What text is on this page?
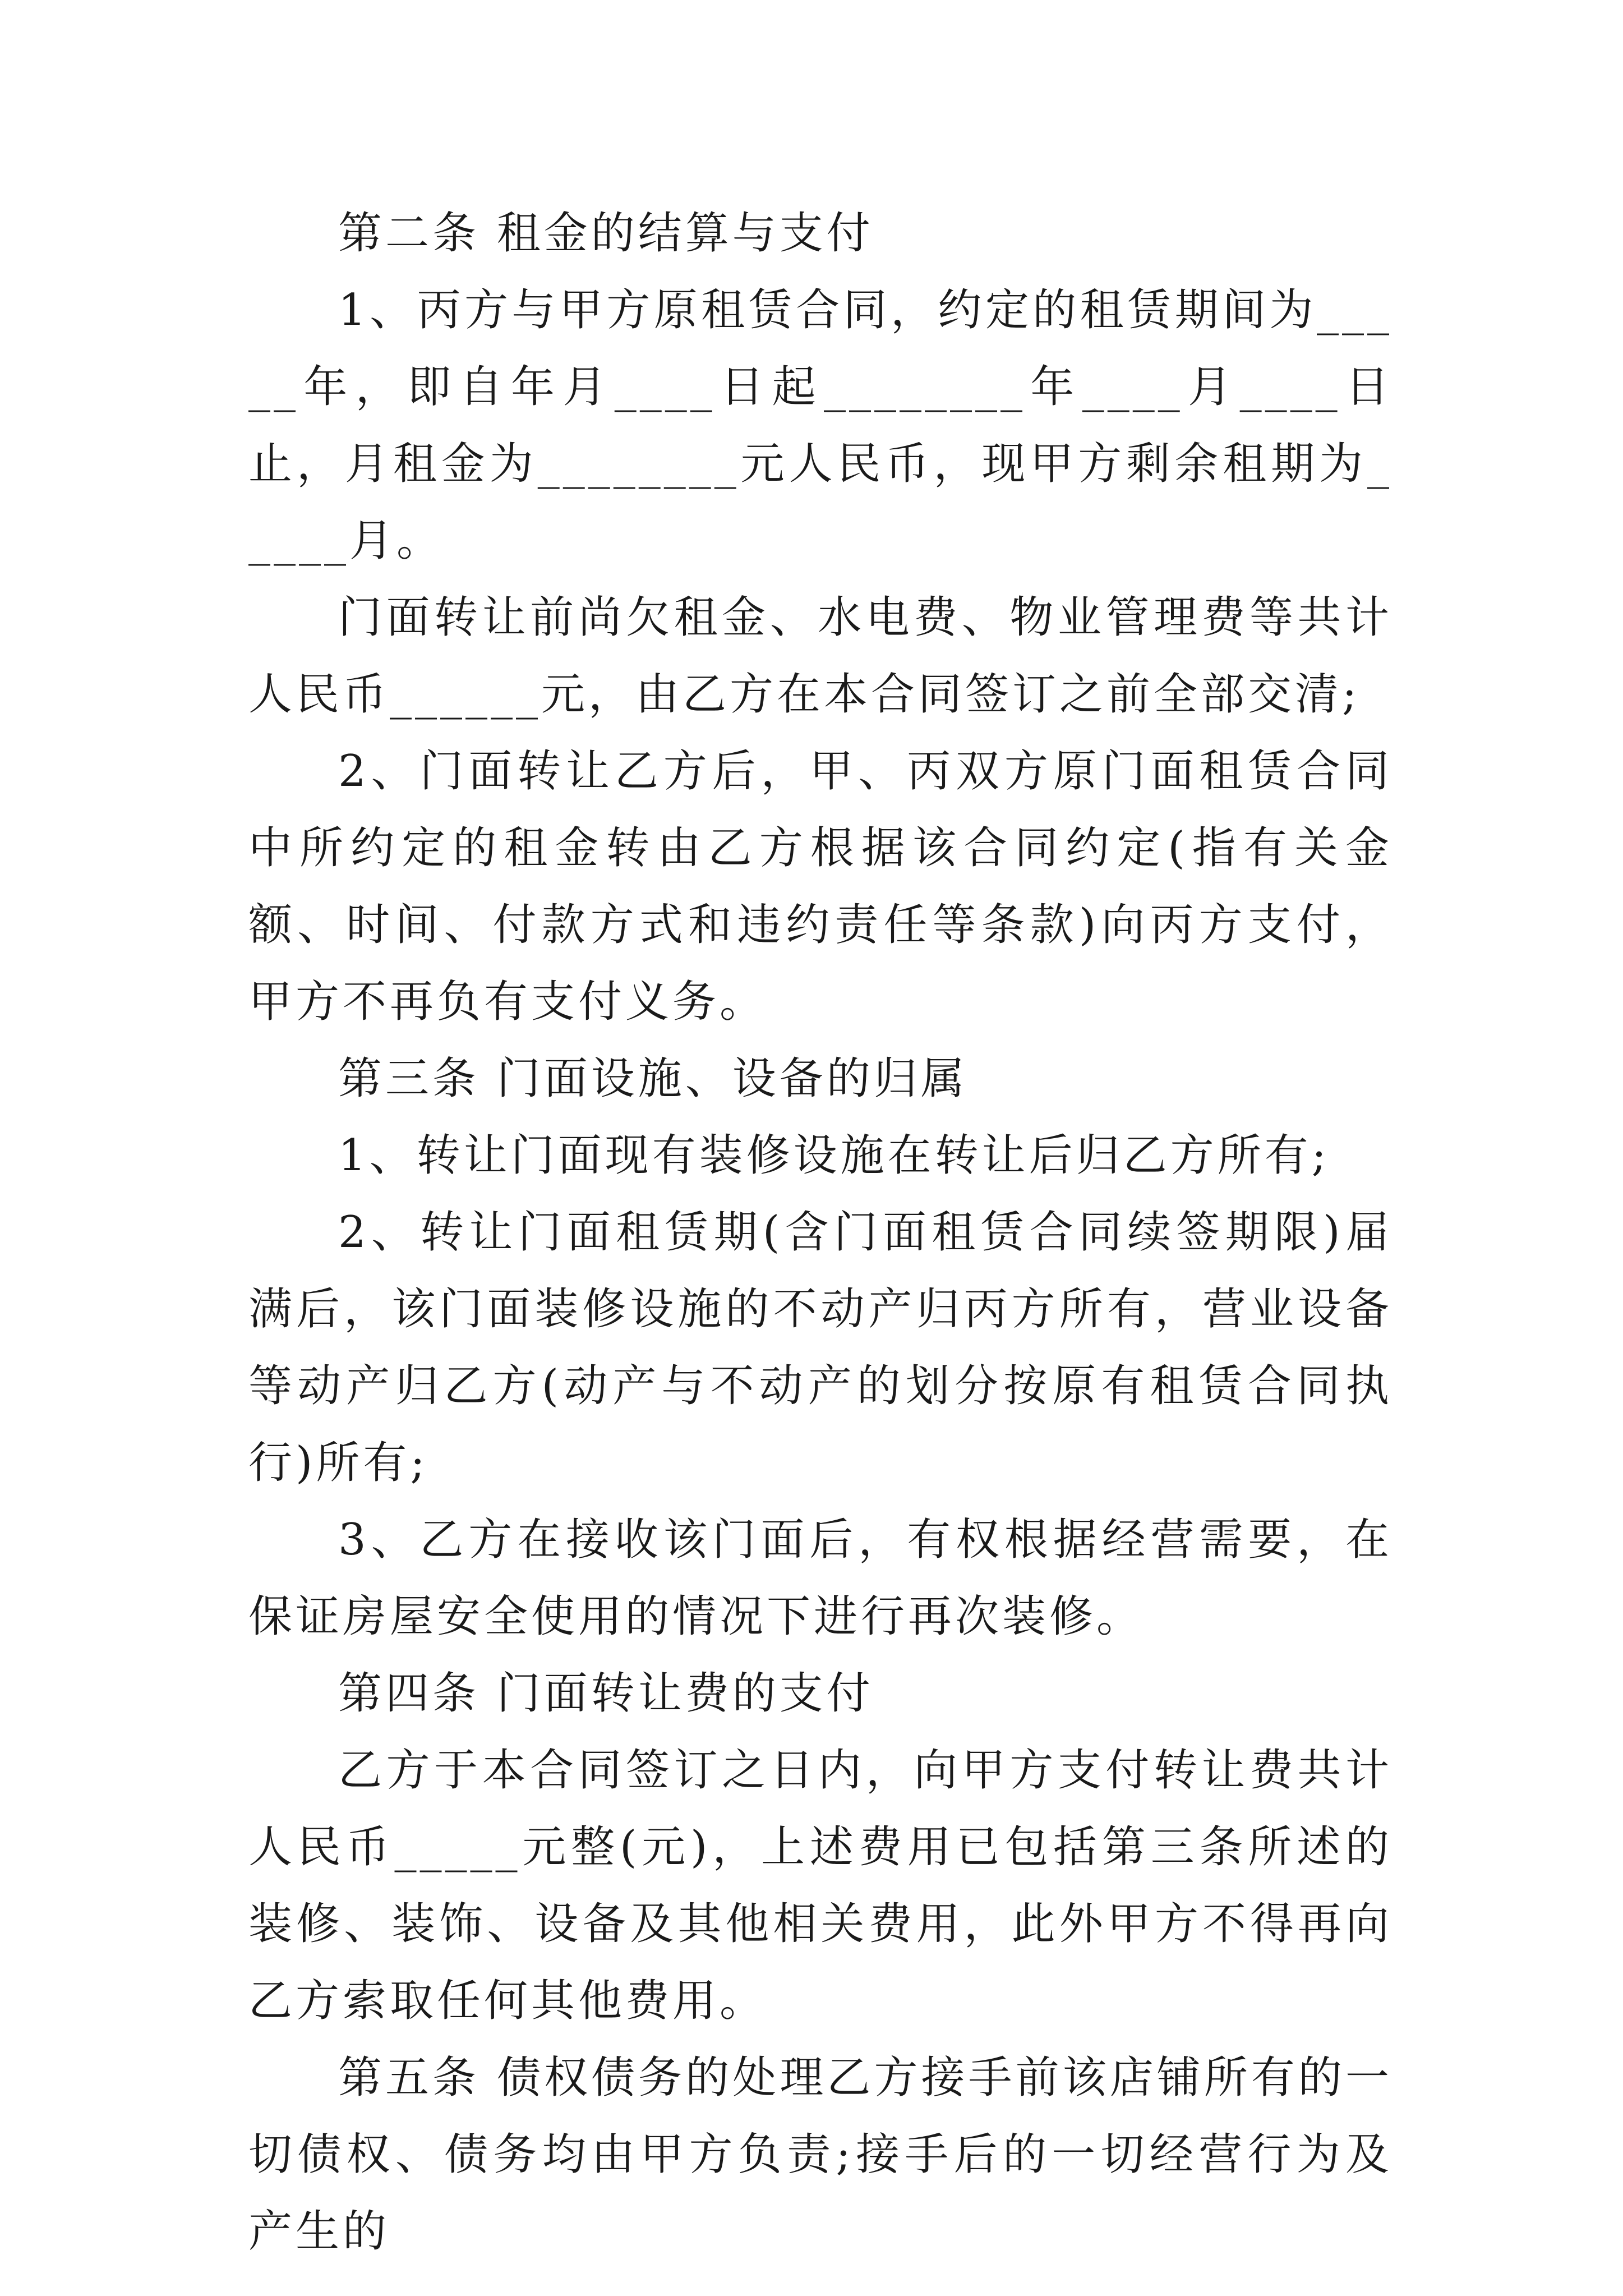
第二条 租金的结算与支付

1、丙方与甲方原租赁合同，约定的租赁期间为_____年，即自年月____日起________年____月____日止，月租金为________元人民币，现甲方剩余租期为_____月。

门面转让前尚欠租金、水电费、物业管理费等共计人民币______元，由乙方在本合同签订之前全部交清;

2、门面转让乙方后，甲、丙双方原门面租赁合同中所约定的租金转由乙方根据该合同约定(指有关金额、时间、付款方式和违约责任等条款)向丙方支付，甲方不再负有支付义务。

第三条 门面设施、设备的归属

1、转让门面现有装修设施在转让后归乙方所有;

2、转让门面租赁期(含门面租赁合同续签期限)届满后，该门面装修设施的不动产归丙方所有，营业设备等动产归乙方(动产与不动产的划分按原有租赁合同执行)所有;

3、乙方在接收该门面后，有权根据经营需要，在保证房屋安全使用的情况下进行再次装修。

第四条 门面转让费的支付

乙方于本合同签订之日内，向甲方支付转让费共计人民币_____元整(元)，上述费用已包括第三条所述的装修、装饰、设备及其他相关费用，此外甲方不得再向乙方索取任何其他费用。

第五条 债权债务的处理乙方接手前该店铺所有的一切债权、债务均由甲方负责;接手后的一切经营行为及产生的
